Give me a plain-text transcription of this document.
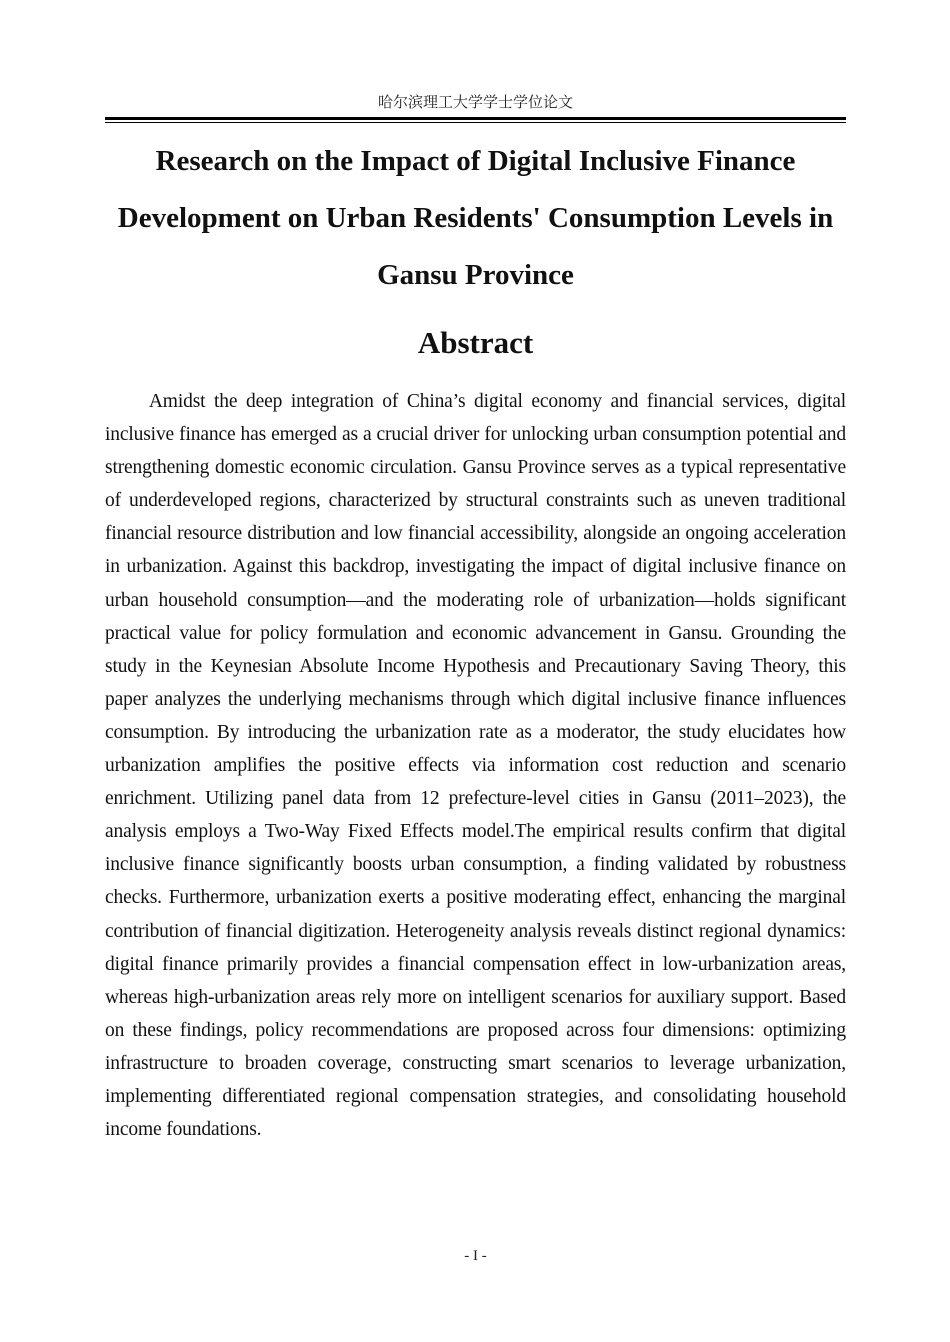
哈尔滨理工大学学士学位论文
Research on the Impact of Digital Inclusive Finance Development on Urban Residents' Consumption Levels in Gansu Province
Abstract

Amidst the deep integration of China’s digital economy and financial services, digital inclusive finance has emerged as a crucial driver for unlocking urban consumption potential and strengthening domestic economic circulation. Gansu Province serves as a typical representative of underdeveloped regions, characterized by structural constraints such as uneven traditional financial resource distribution and low financial accessibility, alongside an ongoing acceleration in urbanization. Against this backdrop, investigating the impact of digital inclusive finance on urban household consumption—and the moderating role of urbanization—holds significant practical value for policy formulation and economic advancement in Gansu. Grounding the study in the Keynesian Absolute Income Hypothesis and Precautionary Saving Theory, this paper analyzes the underlying mechanisms through which digital inclusive finance influences consumption. By introducing the urbanization rate as a moderator, the study elucidates how urbanization amplifies the positive effects via information cost reduction and scenario enrichment. Utilizing panel data from 12 prefecture-level cities in Gansu (2011–2023), the analysis employs a Two-Way Fixed Effects model.The empirical results confirm that digital inclusive finance significantly boosts urban consumption, a finding validated by robustness checks. Furthermore, urbanization exerts a positive moderating effect, enhancing the marginal contribution of financial digitization. Heterogeneity analysis reveals distinct regional dynamics: digital finance primarily provides a financial compensation effect in low-urbanization areas, whereas high-urbanization areas rely more on intelligent scenarios for auxiliary support. Based on these findings, policy recommendations are proposed across four dimensions: optimizing infrastructure to broaden coverage, constructing smart scenarios to leverage urbanization, implementing differentiated regional compensation strategies, and consolidating household income foundations.

- I -
